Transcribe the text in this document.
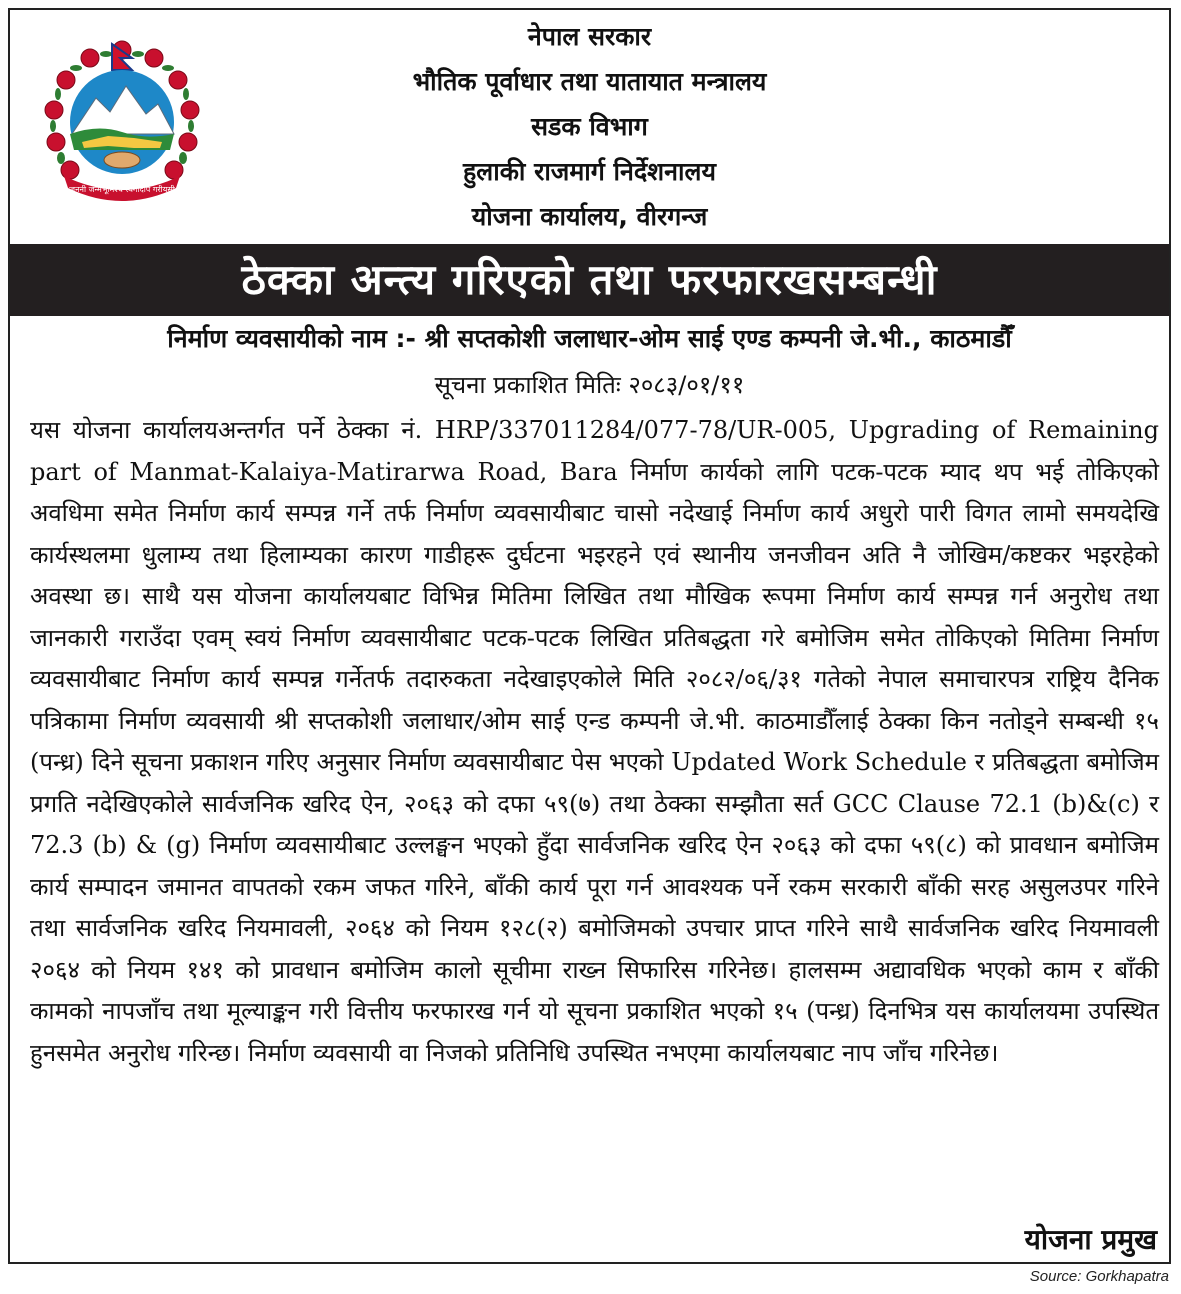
जननी जन्मभूमिश्च स्वर्गादपि गरीयसी
नेपाल सरकार
भौतिक पूर्वाधार तथा यातायात मन्त्रालय
सडक विभाग
हुलाकी राजमार्ग निर्देशनालय
योजना कार्यालय, वीरगन्ज
ठेक्का अन्त्य गरिएको तथा फरफारखसम्बन्धी
निर्माण व्यवसायीको नाम :- श्री सप्तकोशी जलाधार-ओम साई एण्ड कम्पनी जे.भी., काठमाडौँ
सूचना प्रकाशित मितिः २०८३/०१/११

यस योजना कार्यालयअन्तर्गत पर्ने ठेक्का नं. HRP/337011284/077-78/UR-005, Upgrading of Remaining part of Manmat-Kalaiya-Matirarwa Road, Bara निर्माण कार्यको लागि पटक-पटक म्याद थप भई तोकिएको अवधिमा समेत निर्माण कार्य सम्पन्न गर्ने तर्फ निर्माण व्यवसायीबाट चासो नदेखाई निर्माण कार्य अधुरो पारी विगत लामो समयदेखि कार्यस्थलमा धुलाम्य तथा हिलाम्यका कारण गाडीहरू दुर्घटना भइरहने एवं स्थानीय जनजीवन अति नै जोखिम/कष्टकर भइरहेको अवस्था छ। साथै यस योजना कार्यालयबाट विभिन्न मितिमा लिखित तथा मौखिक रूपमा निर्माण कार्य सम्पन्न गर्न अनुरोध तथा जानकारी गराउँदा एवम् स्वयं निर्माण व्यवसायीबाट पटक-पटक लिखित प्रतिबद्धता गरे बमोजिम समेत तोकिएको मितिमा निर्माण व्यवसायीबाट निर्माण कार्य सम्पन्न गर्नेतर्फ तदारुकता नदेखाइएकोले मिति २०८२/०६/३१ गतेको नेपाल समाचारपत्र राष्ट्रिय दैनिक पत्रिकामा निर्माण व्यवसायी श्री सप्तकोशी जलाधार/ओम साई एन्ड कम्पनी जे.भी. काठमाडौँलाई ठेक्का किन नतोड्ने सम्बन्धी १५ (पन्ध्र) दिने सूचना प्रकाशन गरिए अनुसार निर्माण व्यवसायीबाट पेस भएको Updated Work Schedule र प्रतिबद्धता बमोजिम प्रगति नदेखिएकोले सार्वजनिक खरिद ऐन, २०६३ को दफा ५९(७) तथा ठेक्का सम्झौता सर्त GCC Clause 72.1 (b)&(c) र 72.3 (b) & (g) निर्माण व्यवसायीबाट उल्लङ्घन भएको हुँदा सार्वजनिक खरिद ऐन २०६३ को दफा ५९(८) को प्रावधान बमोजिम कार्य सम्पादन जमानत वापतको रकम जफत गरिने, बाँकी कार्य पूरा गर्न आवश्यक पर्ने रकम सरकारी बाँकी सरह असुलउपर गरिने तथा सार्वजनिक खरिद नियमावली, २०६४ को नियम १२८(२) बमोजिमको उपचार प्राप्त गरिने साथै सार्वजनिक खरिद नियमावली २०६४ को नियम १४१ को प्रावधान बमोजिम कालो सूचीमा राख्न सिफारिस गरिनेछ। हालसम्म अद्यावधिक भएको काम र बाँकी कामको नापजाँच तथा मूल्याङ्कन गरी वित्तीय फरफारख गर्न यो सूचना प्रकाशित भएको १५ (पन्ध्र) दिनभित्र यस कार्यालयमा उपस्थित हुनसमेत अनुरोध गरिन्छ। निर्माण व्यवसायी वा निजको प्रतिनिधि उपस्थित नभएमा कार्यालयबाट नाप जाँच गरिनेछ।

योजना प्रमुख
Source: Gorkhapatra
